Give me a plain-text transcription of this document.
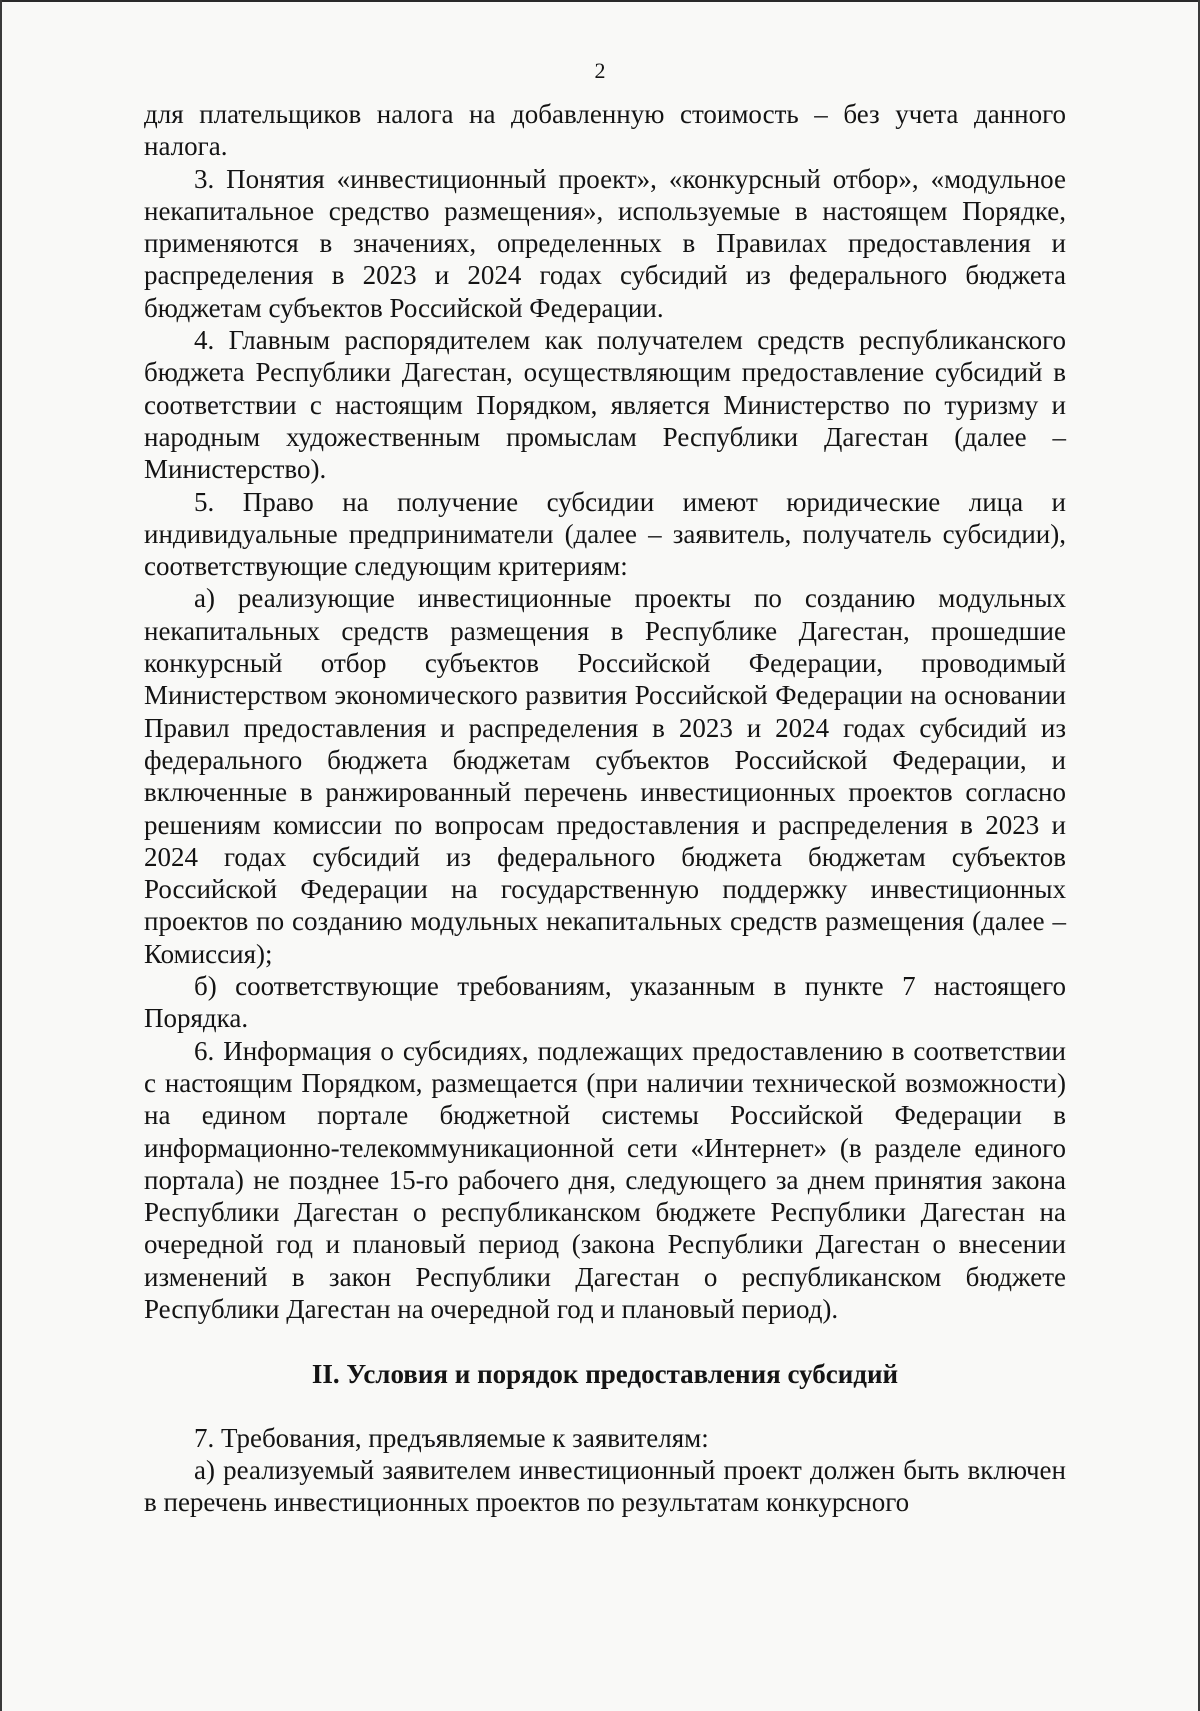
2

для плательщиков налога на добавленную стоимость – без учета данного налога.

3. Понятия «инвестиционный проект», «конкурсный отбор», «модульное некапитальное средство размещения», используемые в настоящем Порядке, применяются в значениях, определенных в Правилах предоставления и распределения в 2023 и 2024 годах субсидий из федерального бюджета бюджетам субъектов Российской Федерации.

4. Главным распорядителем как получателем средств республиканского бюджета Республики Дагестан, осуществляющим предоставление субсидий в соответствии с настоящим Порядком, является Министерство по туризму и народным художественным промыслам Республики Дагестан (далее – Министерство).

5. Право на получение субсидии имеют юридические лица и индивидуальные предприниматели (далее – заявитель, получатель субсидии), соответствующие следующим критериям:

а) реализующие инвестиционные проекты по созданию модульных некапитальных средств размещения в Республике Дагестан, прошедшие конкурсный отбор субъектов Российской Федерации, проводимый Министерством экономического развития Российской Федерации на основании Правил предоставления и распределения в 2023 и 2024 годах субсидий из федерального бюджета бюджетам субъектов Российской Федерации, и включенные в ранжированный перечень инвестиционных проектов согласно решениям комиссии по вопросам предоставления и распределения в 2023 и 2024 годах субсидий из федерального бюджета бюджетам субъектов Российской Федерации на государственную поддержку инвестиционных проектов по созданию модульных некапитальных средств размещения (далее – Комиссия);

б) соответствующие требованиям, указанным в пункте 7 настоящего Порядка.

6. Информация о субсидиях, подлежащих предоставлению в соответствии с настоящим Порядком, размещается (при наличии технической возможности) на едином портале бюджетной системы Российской Федерации в информационно-телекоммуникационной сети «Интернет» (в разделе единого портала) не позднее 15-го рабочего дня, следующего за днем принятия закона Республики Дагестан о республиканском бюджете Республики Дагестан на очередной год и плановый период (закона Республики Дагестан о внесении изменений в закон Республики Дагестан о республиканском бюджете Республики Дагестан на очередной год и плановый период).

II. Условия и порядок предоставления субсидий

7. Требования, предъявляемые к заявителям:

а) реализуемый заявителем инвестиционный проект должен быть включен в перечень инвестиционных проектов по результатам конкурсного
